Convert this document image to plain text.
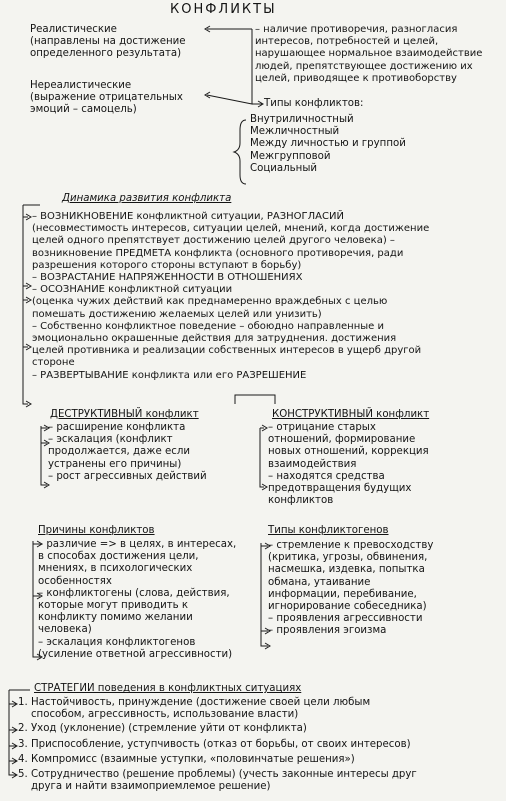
КОНФЛИКТЫ
Реалистические
(направлены на достижение
определенного результата)
Нереалистические
(выражение отрицательных
эмоций – самоцель)
– наличие противоречия, разногласия
интересов, потребностей и целей,
нарушающее нормальное взаимодействие
людей, препятствующее достижению их
целей, приводящее к противоборству
Типы конфликтов:
Внутриличностный
Межличностный
Между личностью и группой
Межгрупповой
Социальный
Динамика развития конфликта
– ВОЗНИКНОВЕНИЕ конфликтной ситуации, РАЗНОГЛАСИЙ
(несовместимость интересов, ситуации целей, мнений, когда достижение
целей одного препятствует достижению целей другого человека) –
возникновение ПРЕДМЕТА конфликта (основного противоречия, ради
разрешения которого стороны вступают в борьбу)
– ВОЗРАСТАНИЕ НАПРЯЖЕННОСТИ В ОТНОШЕНИЯХ
– ОСОЗНАНИЕ конфликтной ситуации
(оценка чужих действий как преднамеренно враждебных с целью
помешать достижению желаемых целей или унизить)
– Собственно конфликтное поведение – обоюдно направленные и
эмоционально окрашенные действия для затруднения. достижения
целей противника и реализации собственных интересов в ущерб другой
стороне
– РАЗВЕРТЫВАНИЕ конфликта или его РАЗРЕШЕНИЕ
ДЕСТРУКТИВНЫЙ конфликт
– расширение конфликта
– эскалация (конфликт
продолжается, даже если
устранены его причины)
– рост агрессивных действий
КОНСТРУКТИВНЫЙ конфликт
– отрицание старых
отношений, формирование
новых отношений, коррекция
взаимодействия
– находятся средства
предотвращения будущих
конфликтов
Причины конфликтов
– различие => в целях, в интересах,
в способах достижения цели,
мнениях, в психологических
особенностях
– конфликтогены (слова, действия,
которые могут приводить к
конфликту помимо желании
человека)
– эскалация конфликтогенов
(усиление ответной агрессивности)
Типы конфликтогенов
– стремление к превосходству
(критика, угрозы, обвинения,
насмешка, издевка, попытка
обмана, утаивание
информации, перебивание,
игнорирование собеседника)
– проявления агрессивности
– проявления эгоизма
СТРАТЕГИИ поведения в конфликтных ситуациях
1. Настойчивость, принуждение (достижение своей цели любым
способом, агрессивность, использование власти)
2. Уход (уклонение) (стремление уйти от конфликта)
3. Приспособление, уступчивость (отказ от борьбы, от своих интересов)
4. Компромисс (взаимные уступки, «половинчатые решения»)
5. Сотрудничество (решение проблемы) (учесть законные интересы друг
друга и найти взаимоприемлемое решение)
